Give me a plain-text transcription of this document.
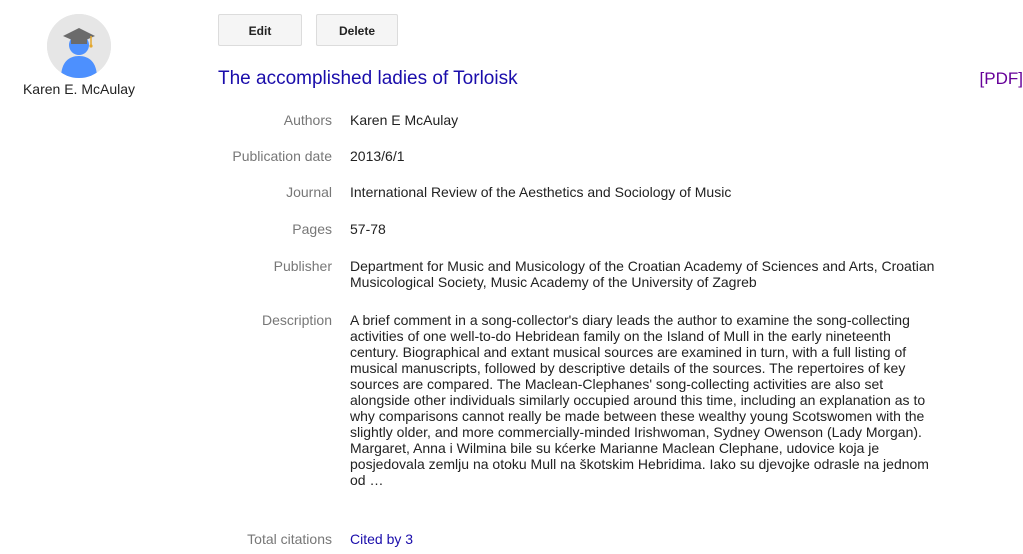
Karen E. McAulay
Edit	Delete
The accomplished ladies of Torloisk	[PDF]
Authors Karen E McAulay
Publication date 2013/6/1
Journal International Review of the Aesthetics and Sociology of Music
Pages 57-78
Publisher Department for Music and Musicology of the Croatian Academy of Sciences and Arts, Croatian Musicological Society, Music Academy of the University of Zagreb
Description A brief comment in a song-collector's diary leads the author to examine the song-collecting activities of one well-to-do Hebridean family on the Island of Mull in the early nineteenth century. Biographical and extant musical sources are examined in turn, with a full listing of musical manuscripts, followed by descriptive details of the sources. The repertoires of key sources are compared. The Maclean-Clephanes' song-collecting activities are also set alongside other individuals similarly occupied around this time, including an explanation as to why comparisons cannot really be made between these wealthy young Scotswomen with the slightly older, and more commercially-minded Irishwoman, Sydney Owenson (Lady Morgan). Margaret, Anna i Wilmina bile su kćerke Marianne Maclean Clephane, udovice koja je posjedovala zemlju na otoku Mull na škotskim Hebridima. Iako su djevojke odrasle na jednom od …
Total citations Cited by 3
